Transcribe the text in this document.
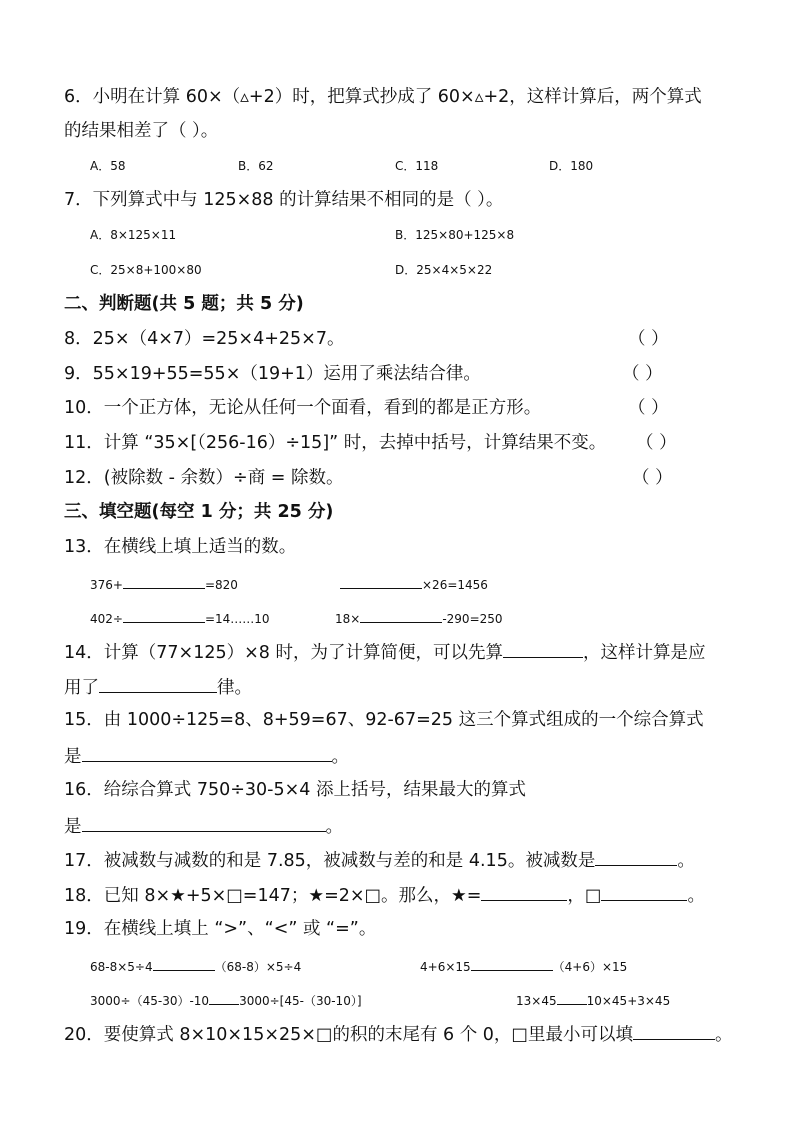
6．小明在计算 60×（▵+2）时，把算式抄成了 60×▵+2，这样计算后，两个算式
的结果相差了（ ）。
A．58	B．62	C．118	D．180
7．下列算式中与 125×88 的计算结果不相同的是（ ）。
A．8×125×11	B．125×80+125×8
C．25×8+100×80	D．25×4×5×22
二、判断题(共 5 题；共 5 分)
8．25×（4×7）=25×4+25×7。	（ ）
9．55×19+55=55×（19+1）运用了乘法结合律。	（ ）
10．一个正方体，无论从任何一个面看，看到的都是正方形。	（ ）
11．计算 “35×[（256-16）÷15]” 时，去掉中括号，计算结果不变。 （ ）
12．(被除数 - 余数）÷商 = 除数。	（ ）
三、填空题(每空 1 分；共 25 分)
13．在横线上填上适当的数。
376+	=820	×26=1456
402÷	=14……10	18×	-290=250
14．计算（77×125）×8 时，为了计算简便，可以先算	，这样计算是应
用了	律。
15．由 1000÷125=8、8+59=67、92-67=25 这三个算式组成的一个综合算式
是	。
16．给综合算式 750÷30-5×4 添上括号，结果最大的算式
是	。
17．被减数与减数的和是 7.85，被减数与差的和是 4.15。被减数是	。
18．已知 8×★+5×□=147；★=2×□。那么，★=	，□	。
19．在横线上填上 “>”、“<” 或 “=”。
68-8×5÷4	（68-8）×5÷4	4+6×15	（4+6）×15
3000÷（45-30）-10	3000÷[45-（30-10）]	13×45	10×45+3×45
20．要使算式 8×10×15×25×□的积的末尾有 6 个 0，□里最小可以填	。
